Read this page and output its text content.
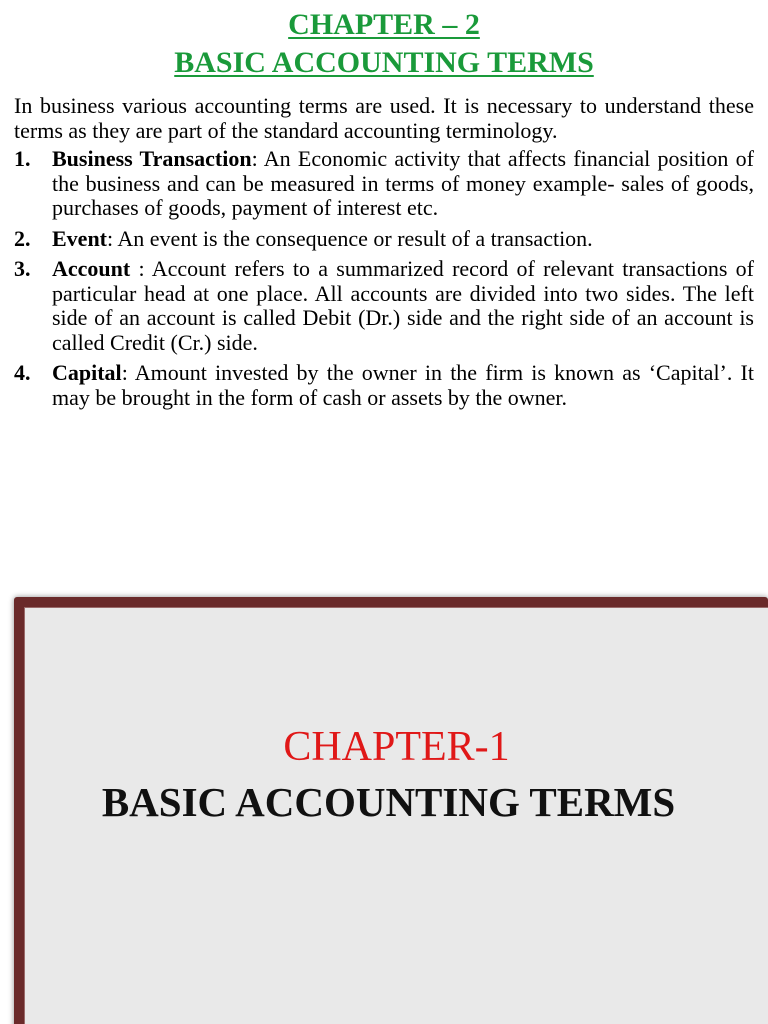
CHAPTER – 2
BASIC ACCOUNTING TERMS
In business various accounting terms are used. It is necessary to understand these terms as they are part of the standard accounting terminology.
1. Business Transaction: An Economic activity that affects financial position of the business and can be measured in terms of money example- sales of goods, purchases of goods, payment of interest etc.
2. Event: An event is the consequence or result of a transaction.
3. Account : Account refers to a summarized record of relevant transactions of particular head at one place. All accounts are divided into two sides. The left side of an account is called Debit (Dr.) side and the right side of an account is called Credit (Cr.) side.
4. Capital: Amount invested by the owner in the firm is known as ‘Capital’. It may be brought in the form of cash or assets by the owner.
CHAPTER-1
BASIC ACCOUNTING TERMS
